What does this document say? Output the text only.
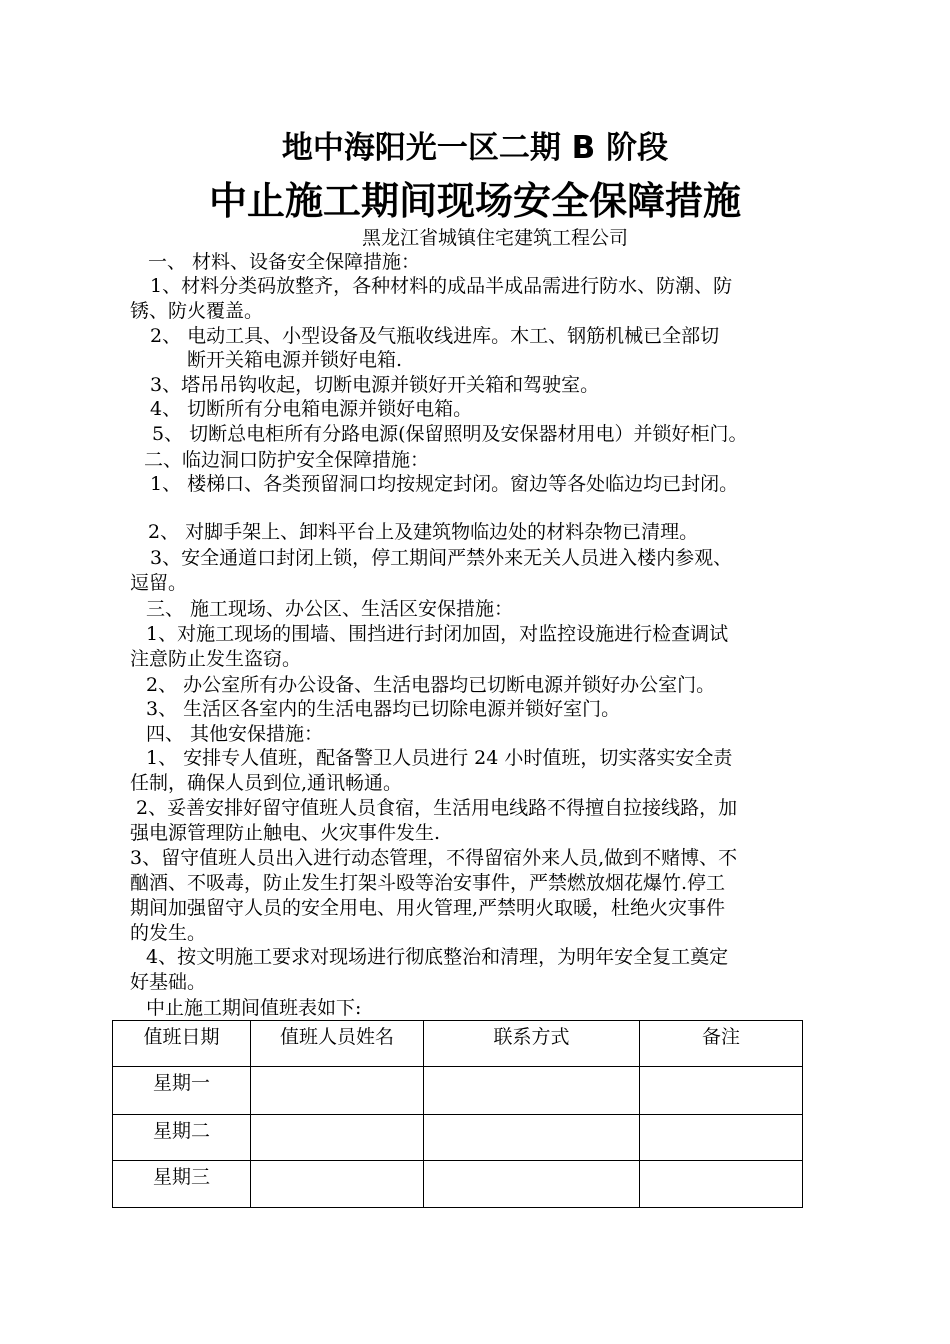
地中海阳光一区二期 B 阶段
中止施工期间现场安全保障措施
黑龙江省城镇住宅建筑工程公司
一、 材料、设备安全保障措施：
1、材料分类码放整齐，各种材料的成品半成品需进行防水、防潮、防
锈、防火覆盖。
2、 电动工具、小型设备及气瓶收线进库。木工、钢筋机械已全部切
断开关箱电源并锁好电箱.
3、塔吊吊钩收起，切断电源并锁好开关箱和驾驶室。
4、 切断所有分电箱电源并锁好电箱。
5、 切断总电柜所有分路电源(保留照明及安保器材用电）并锁好柜门。
二、临边洞口防护安全保障措施：
1、 楼梯口、各类预留洞口均按规定封闭。窗边等各处临边均已封闭。
2、 对脚手架上、卸料平台上及建筑物临边处的材料杂物已清理。
3、安全通道口封闭上锁，停工期间严禁外来无关人员进入楼内参观、
逗留。
三、 施工现场、办公区、生活区安保措施：
1、对施工现场的围墙、围挡进行封闭加固，对监控设施进行检查调试
注意防止发生盗窃。
2、 办公室所有办公设备、生活电器均已切断电源并锁好办公室门。
3、 生活区各室内的生活电器均已切除电源并锁好室门。
四、 其他安保措施：
1、 安排专人值班，配备警卫人员进行 24 小时值班，切实落实安全责
任制，确保人员到位,通讯畅通。
2、妥善安排好留守值班人员食宿，生活用电线路不得擅自拉接线路，加
强电源管理防止触电、火灾事件发生.
3、留守值班人员出入进行动态管理，不得留宿外来人员,做到不赌博、不
酗酒、不吸毒，防止发生打架斗殴等治安事件，严禁燃放烟花爆竹.停工
期间加强留守人员的安全用电、用火管理,严禁明火取暖，杜绝火灾事件
的发生。
4、按文明施工要求对现场进行彻底整治和清理，为明年安全复工奠定
好基础。
中止施工期间值班表如下:
值班日期	值班人员姓名	联系方式	备注
星期一			
星期二			
星期三			
